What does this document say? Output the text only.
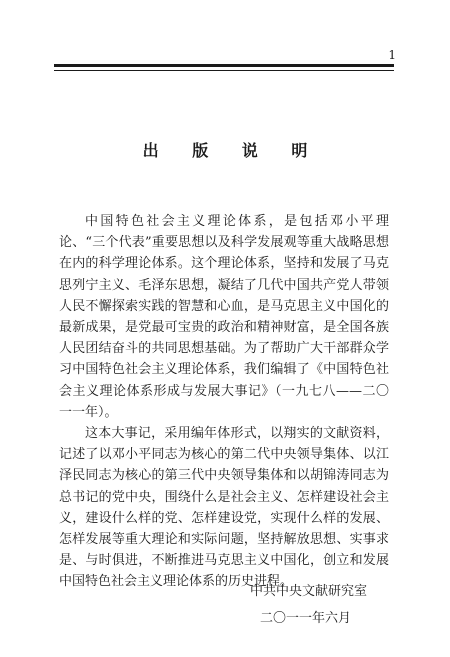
1
出 版 说 明

中国特色社会主义理论体系，是包括邓小平理论、“三个代表”重要思想以及科学发展观等重大战略思想在内的科学理论体系。这个理论体系，坚持和发展了马克思列宁主义、毛泽东思想，凝结了几代中国共产党人带领人民不懈探索实践的智慧和心血，是马克思主义中国化的最新成果，是党最可宝贵的政治和精神财富，是全国各族人民团结奋斗的共同思想基础。为了帮助广大干部群众学习中国特色社会主义理论体系，我们编辑了《中国特色社会主义理论体系形成与发展大事记》（一九七八——二〇一一年）。

这本大事记，采用编年体形式，以翔实的文献资料，记述了以邓小平同志为核心的第二代中央领导集体、以江泽民同志为核心的第三代中央领导集体和以胡锦涛同志为总书记的党中央，围绕什么是社会主义、怎样建设社会主义，建设什么样的党、怎样建设党，实现什么样的发展、怎样发展等重大理论和实际问题，坚持解放思想、实事求是、与时俱进，不断推进马克思主义中国化，创立和发展中国特色社会主义理论体系的历史进程。

中共中央文献研究室
二〇一一年六月
